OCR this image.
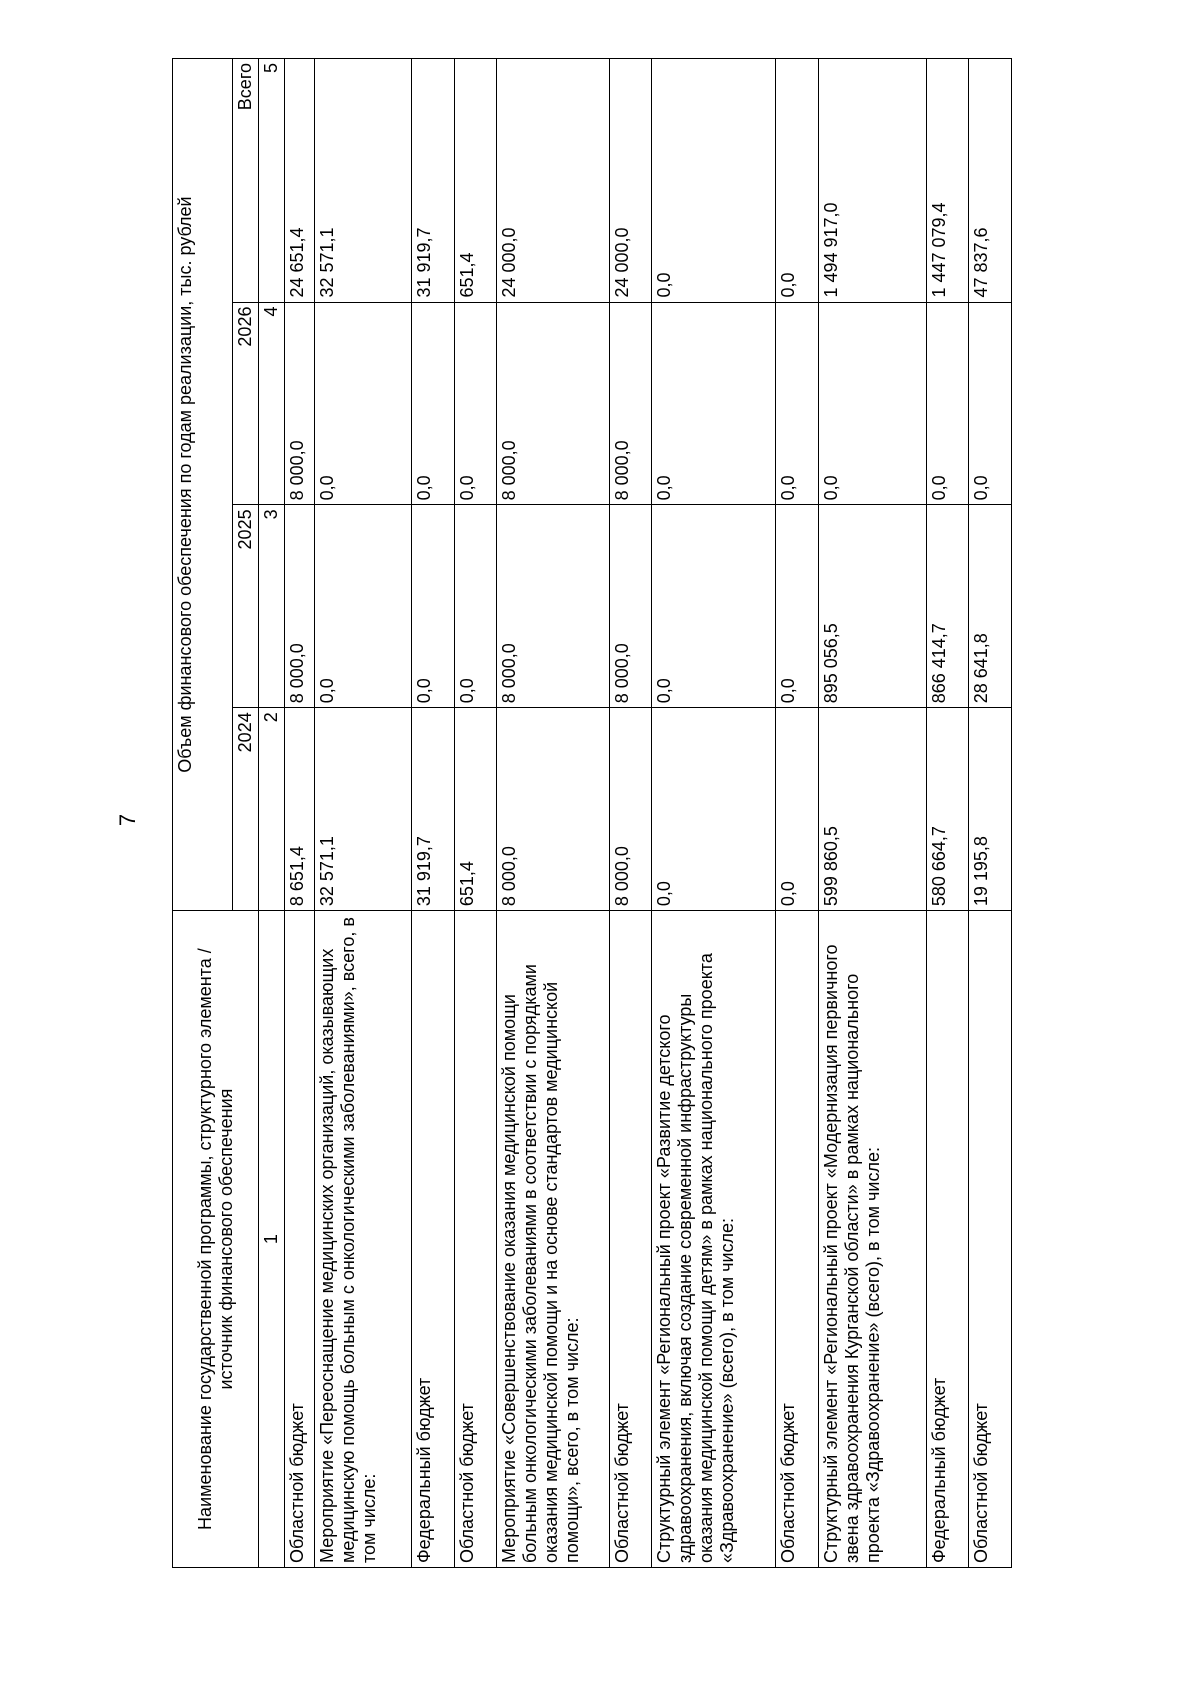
7
Наименование государственной программы, структурного элемента / источник финансового обеспечения	Объем финансового обеспечения по годам реализации, тыс. рублей			
	2024	2025	2026	Всего
1	2	3	4	5
Областной бюджет	8 651,4	8 000,0	8 000,0	24 651,4
Мероприятие «Переоснащение медицинских организаций, оказывающих медицинскую помощь больным с онкологическими заболеваниями», всего, в том числе:	32 571,1	0,0	0,0	32 571,1
Федеральный бюджет	31 919,7	0,0	0,0	31 919,7
Областной бюджет	651,4	0,0	0,0	651,4
Мероприятие «Совершенствование оказания медицинской помощи больным онкологическими заболеваниями в соответствии с порядками оказания медицинской помощи и на основе стандартов медицинской помощи», всего, в том числе:	8 000,0	8 000,0	8 000,0	24 000,0
Областной бюджет	8 000,0	8 000,0	8 000,0	24 000,0
Структурный элемент «Региональный проект «Развитие детского здравоохранения, включая создание современной инфраструктуры оказания медицинской помощи детям» в рамках национального проекта «Здравоохранение» (всего), в том числе:	0,0	0,0	0,0	0,0
Областной бюджет	0,0	0,0	0,0	0,0
Структурный элемент «Региональный проект «Модернизация первичного звена здравоохранения Курганской области» в рамках национального проекта «Здравоохранение» (всего), в том числе:	599 860,5	895 056,5	0,0	1 494 917,0
Федеральный бюджет	580 664,7	866 414,7	0,0	1 447 079,4
Областной бюджет	19 195,8	28 641,8	0,0	47 837,6
